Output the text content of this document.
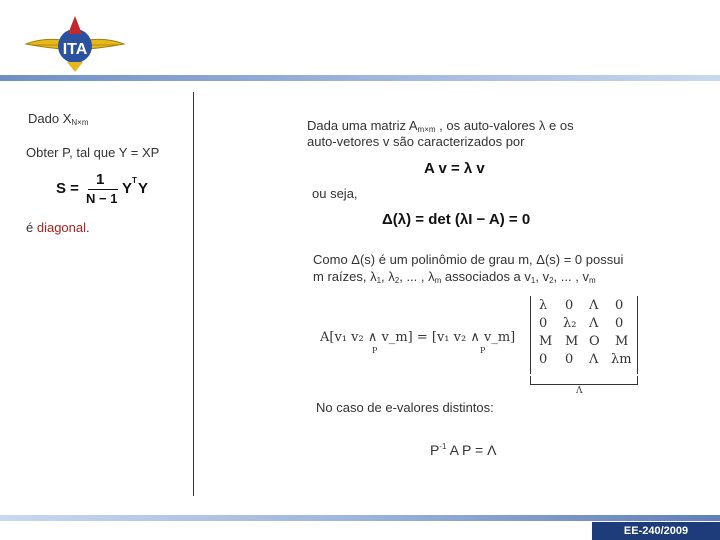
ITA
Dado $X_{N\times m}$
Obter P, tal que Y = XP
S =
1
N − 1
Y T Y
é diagonal.
Dada uma matriz $A_{m\times m}$ , os auto-valores λ e os
auto-vetores v são caracterizados por
A v = λ v
ou seja,
Δ(λ) = det (λI − A) = 0
Como Δ(s) é um polinômio de grau m, Δ(s) = 0 possui
m raízes, $\lambda_1$, $\lambda_2$, ... , $\lambda_m$ associados a $v_1$, $v_2$, ... , $v_m$
A[v₁ v₂ ∧ v_m] = [v₁ v₂ ∧ v_m]
P	P
λ 0 Λ 0
0 λ₂ Λ 0
M M O M
0 0 Λ λm
Λ
No caso de e-valores distintos:
$P^{-1}$ A P = Λ
EE-240/2009
